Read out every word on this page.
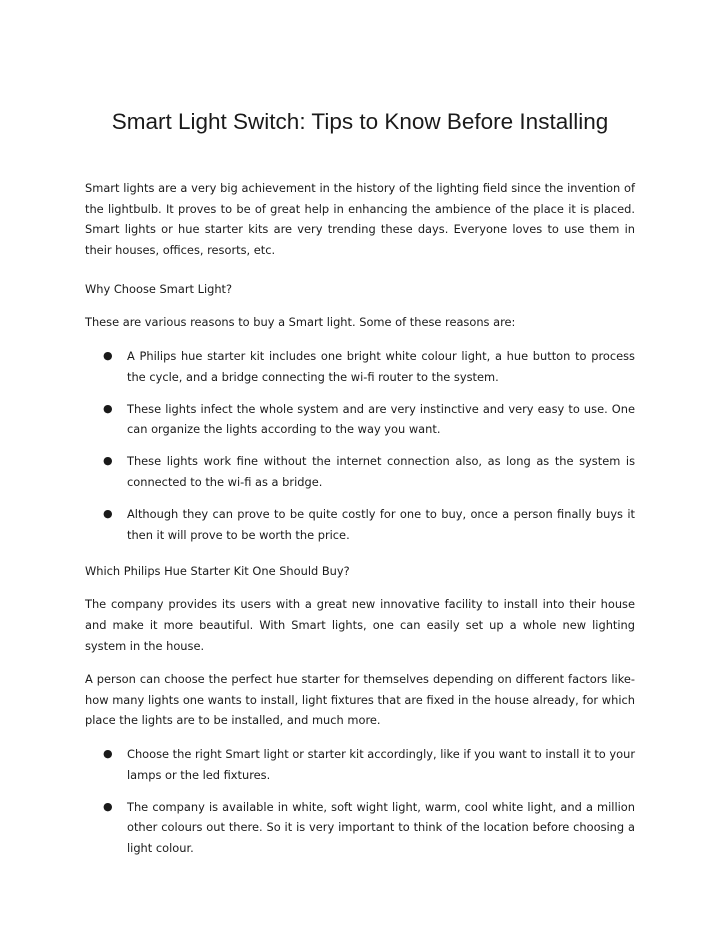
Smart Light Switch: Tips to Know Before Installing

Smart lights are a very big achievement in the history of the lighting field since the invention of the lightbulb. It proves to be of great help in enhancing the ambience of the place it is placed. Smart lights or hue starter kits are very trending these days. Everyone loves to use them in their houses, offices, resorts, etc.

Why Choose Smart Light?

These are various reasons to buy a Smart light. Some of these reasons are:

● A Philips hue starter kit includes one bright white colour light, a hue button to process the cycle, and a bridge connecting the wi-fi router to the system.
● These lights infect the whole system and are very instinctive and very easy to use. One can organize the lights according to the way you want.
● These lights work fine without the internet connection also, as long as the system is connected to the wi-fi as a bridge.
● Although they can prove to be quite costly for one to buy, once a person finally buys it then it will prove to be worth the price.

Which Philips Hue Starter Kit One Should Buy?

The company provides its users with a great new innovative facility to install into their house and make it more beautiful. With Smart lights, one can easily set up a whole new lighting system in the house.

A person can choose the perfect hue starter for themselves depending on different factors like- how many lights one wants to install, light fixtures that are fixed in the house already, for which place the lights are to be installed, and much more.

● Choose the right Smart light or starter kit accordingly, like if you want to install it to your lamps or the led fixtures.
● The company is available in white, soft wight light, warm, cool white light, and a million other colours out there. So it is very important to think of the location before choosing a light colour.
